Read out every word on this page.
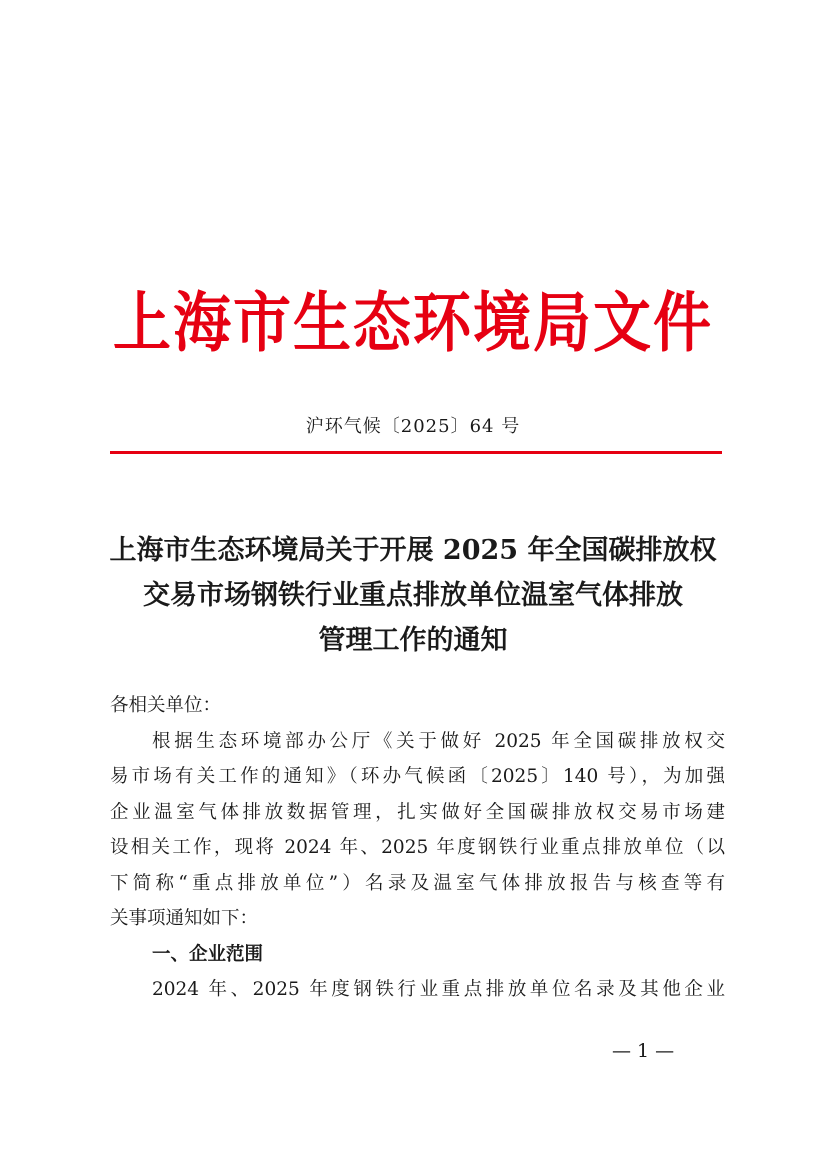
上海市生态环境局文件
沪环气候〔2025〕64 号
上海市生态环境局关于开展 2025 年全国碳排放权
交易市场钢铁行业重点排放单位温室气体排放
管理工作的通知
各相关单位：
根据生态环境部办公厅《关于做好 2025 年全国碳排放权交
易市场有关工作的通知》（环办气候函〔2025〕140 号），为加强
企业温室气体排放数据管理，扎实做好全国碳排放权交易市场建
设相关工作，现将 2024 年、2025 年度钢铁行业重点排放单位（以
下简称“重点排放单位”）名录及温室气体排放报告与核查等有
关事项通知如下：
一、企业范围
2024 年、2025 年度钢铁行业重点排放单位名录及其他企业
— 1 —
